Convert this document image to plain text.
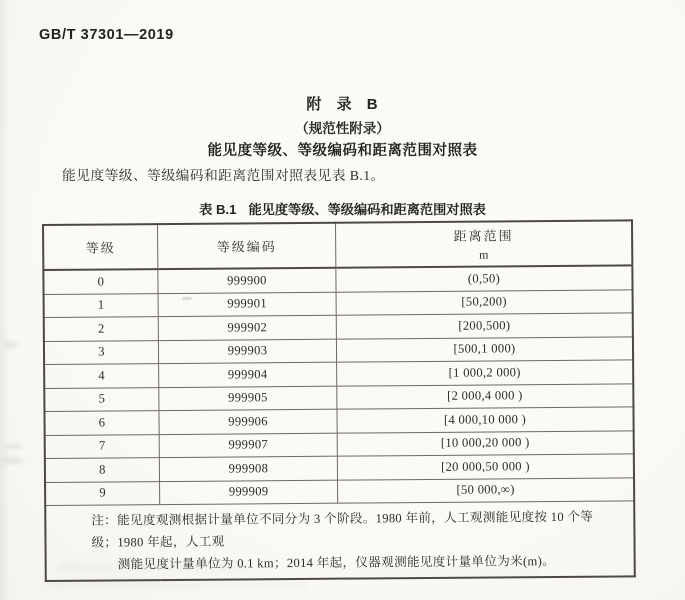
GB/T 37301—2019
附 录 B
（规范性附录）
能见度等级、等级编码和距离范围对照表
能见度等级、等级编码和距离范围对照表见表 B.1。
表 B.1 能见度等级、等级编码和距离范围对照表
等级	等级编码	距离范围
m

0	999900	(0,50)
1	999901	[50,200)
2	999902	[200,500)
3	999903	[500,1 000)
4	999904	[1 000,2 000)
5	999905	[2 000,4 000 )
6	999906	[4 000,10 000 )
7	999907	[10 000,20 000 )
8	999908	[20 000,50 000 )
9	999909	[50 000,∞)

注：能见度观测根据计量单位不同分为 3 个阶段。1980 年前，人工观测能见度按 10 个等级；1980 年起，人工观
测能见度计量单位为 0.1 km；2014 年起，仪器观测能见度计量单位为米(m)。		
